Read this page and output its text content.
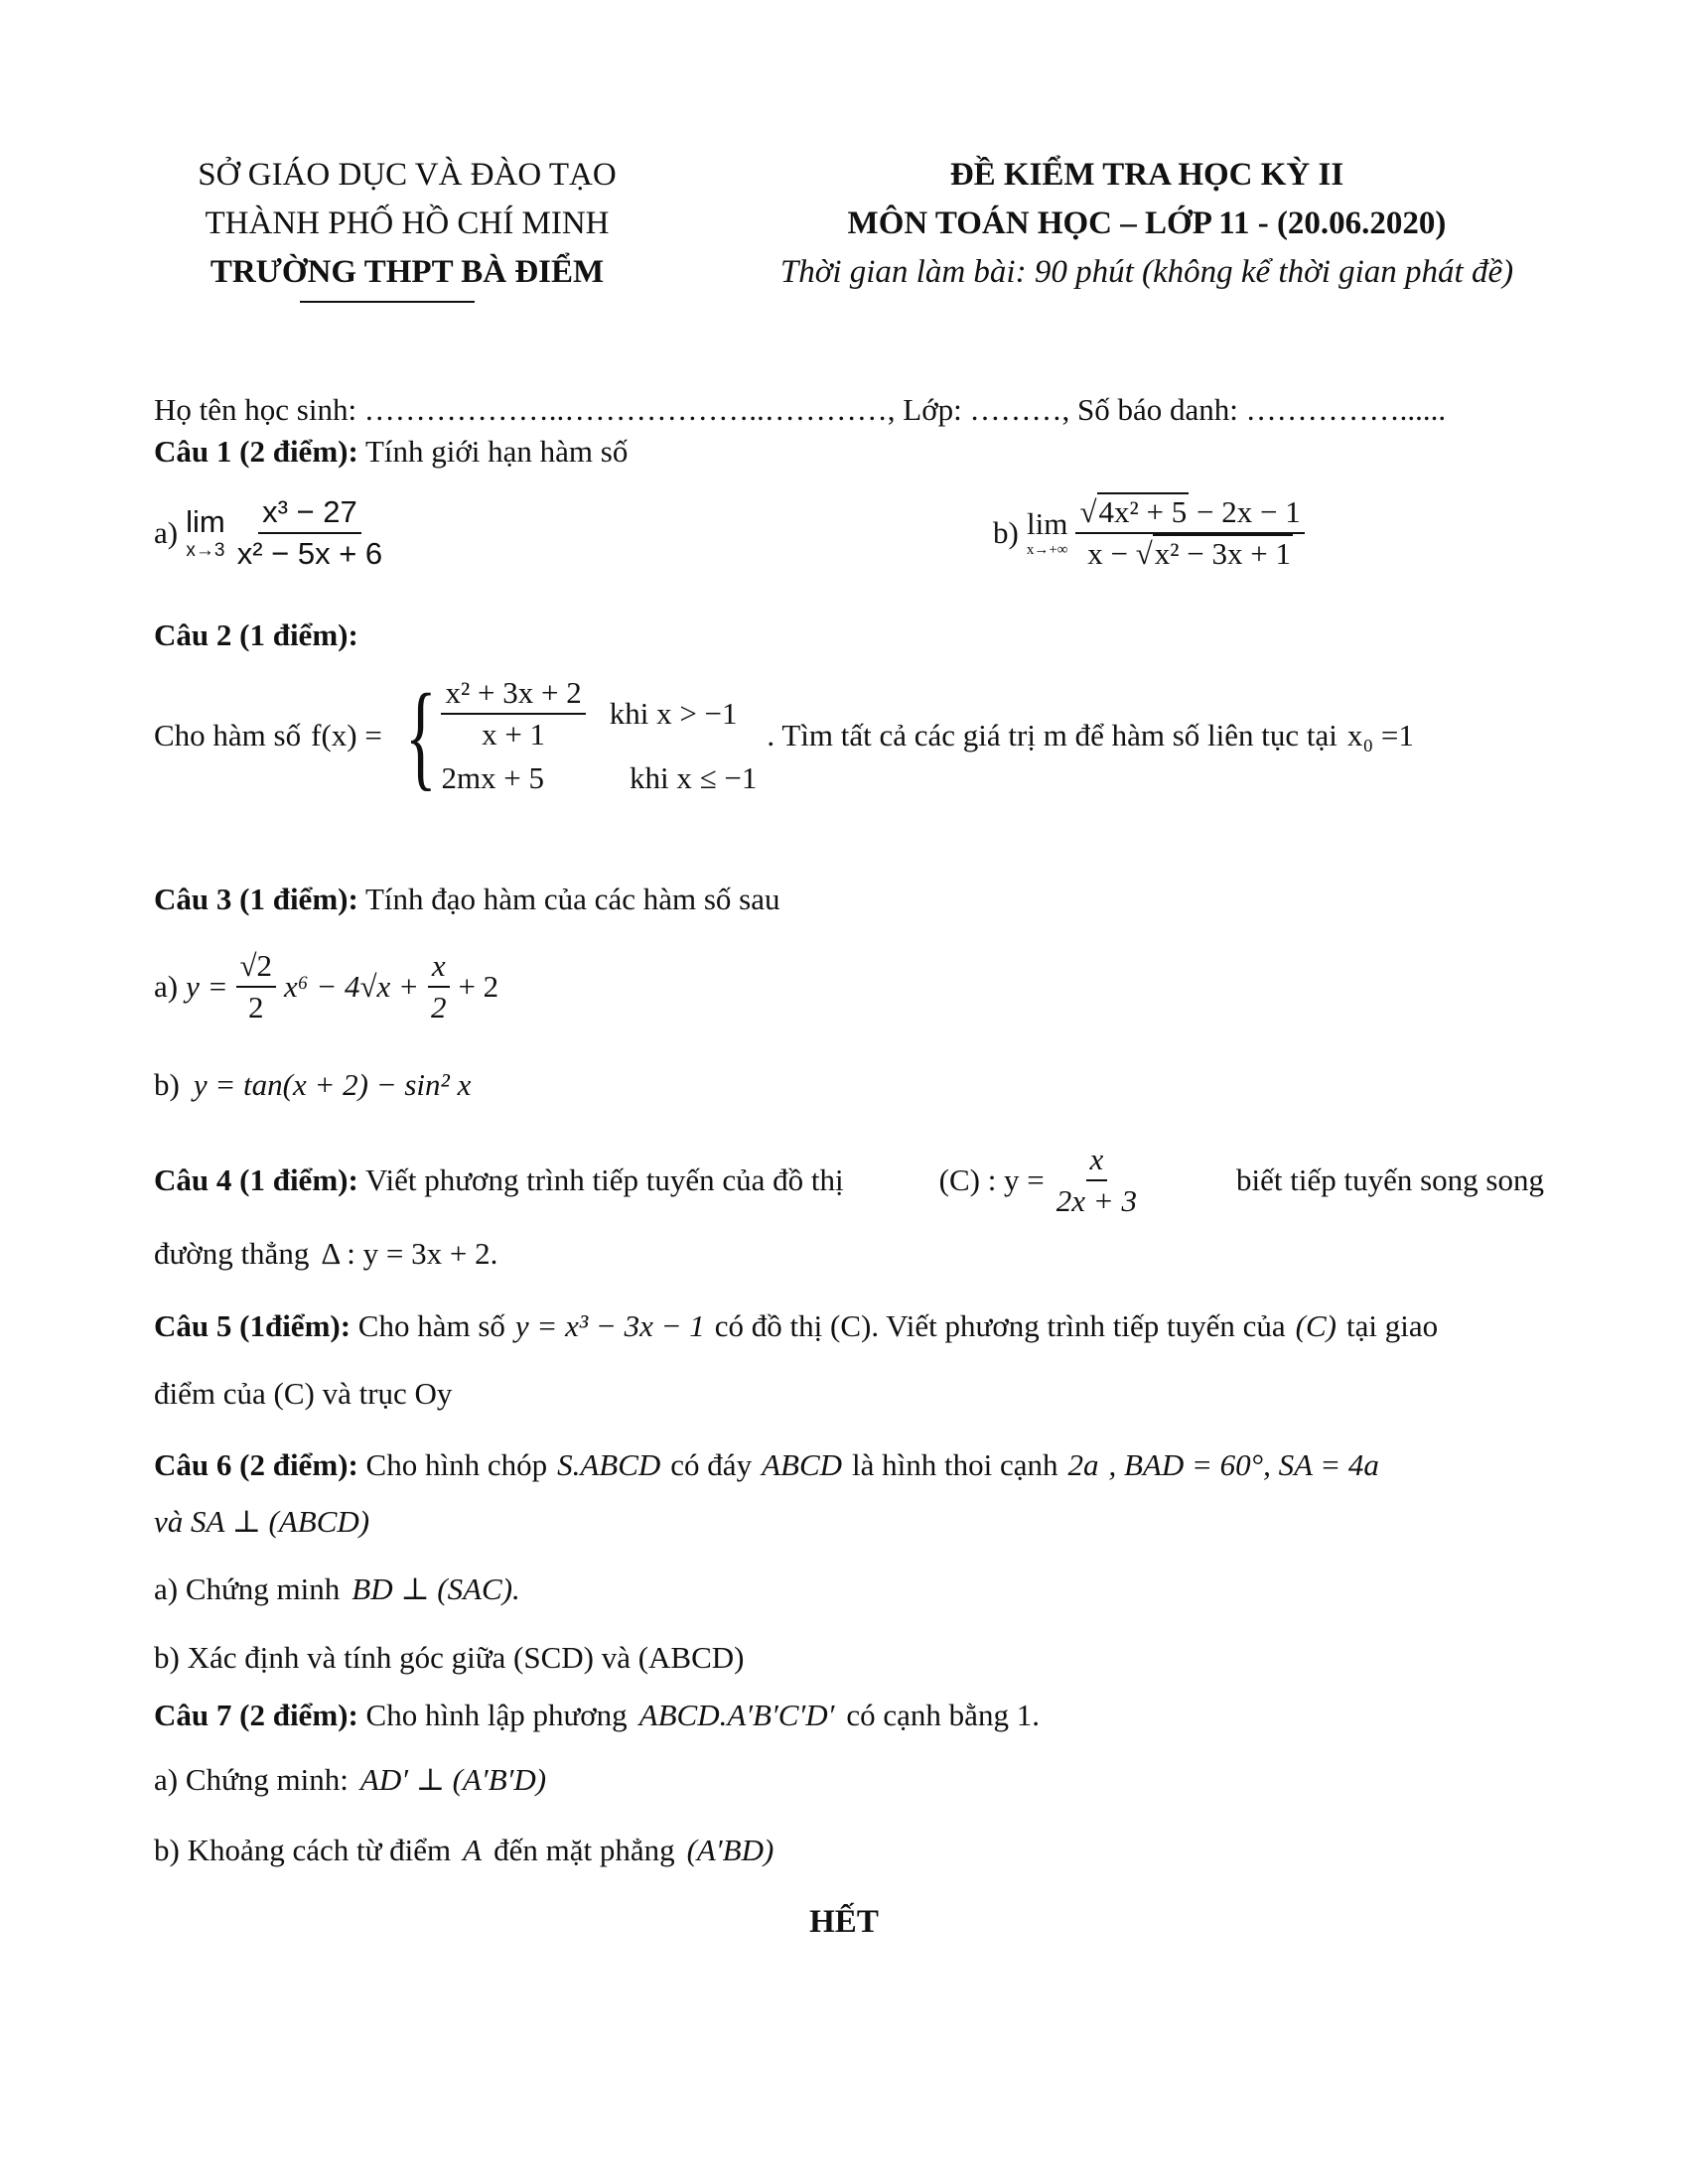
SỞ GIÁO DỤC VÀ ĐÀO TẠO
THÀNH PHỐ HỒ CHÍ MINH
TRƯỜNG THPT BÀ ĐIỂM
ĐỀ KIỂM TRA HỌC KỲ II
MÔN TOÁN HỌC – LỚP 11 - (20.06.2020)
Thời gian làm bài: 90 phút (không kể thời gian phát đề)
Họ tên học sinh: ………………..………………..…………, Lớp: ………, Số báo danh: ……………......
Câu 1 (2 điểm): Tính giới hạn hàm số
a) lim
$x\to 3 \frac{\text{x³ − 27}}{\text{x² − 5x + 6}}$	b) lim
$x\to+\infty \frac{\text{√4x² + 5 − 2x − 1}}{\text{x − √x² − 3x + 1}}$
Câu 2 (1 điểm):
Cho hàm số f(x) = { $\frac{\text{x² + 3x + 2}}{x + 1}$ khi x > −1
2mx + 5	khi x ≤ −1
. Tìm tất cả các giá trị m để hàm số liên tục tại x₀ =1
Câu 3 (1 điểm): Tính đạo hàm của các hàm số sau
a) $y = \frac{√2}{2} x^6 - 4√x + \frac{x}{2} + 2$
b) y = tan(x + 2) − sin² x
Câu 4 (1 điểm): Viết phương trình tiếp tuyến của đồ thị	(C) : $y = \frac{x}{2x + 3}$	biết tiếp tuyến song song
đường thẳng Δ : y = 3x + 2.
Câu 5 (1điểm): Cho hàm số y = x³ − 3x − 1 có đồ thị (C). Viết phương trình tiếp tuyến của (C) tại giao
điểm của (C) và trục Oy
Câu 6 (2 điểm): Cho hình chóp S.ABCD có đáy ABCD là hình thoi cạnh 2a , BAD = 60°, SA = 4a
và SA ⊥ (ABCD)
a) Chứng minh BD ⊥ (SAC).
b) Xác định và tính góc giữa (SCD) và (ABCD)
Câu 7 (2 điểm): Cho hình lập phương ABCD.A′B′C′D′ có cạnh bằng 1.
a) Chứng minh: AD′ ⊥ (A′B′D)
b) Khoảng cách từ điểm A đến mặt phẳng (A′BD)
HẾT
